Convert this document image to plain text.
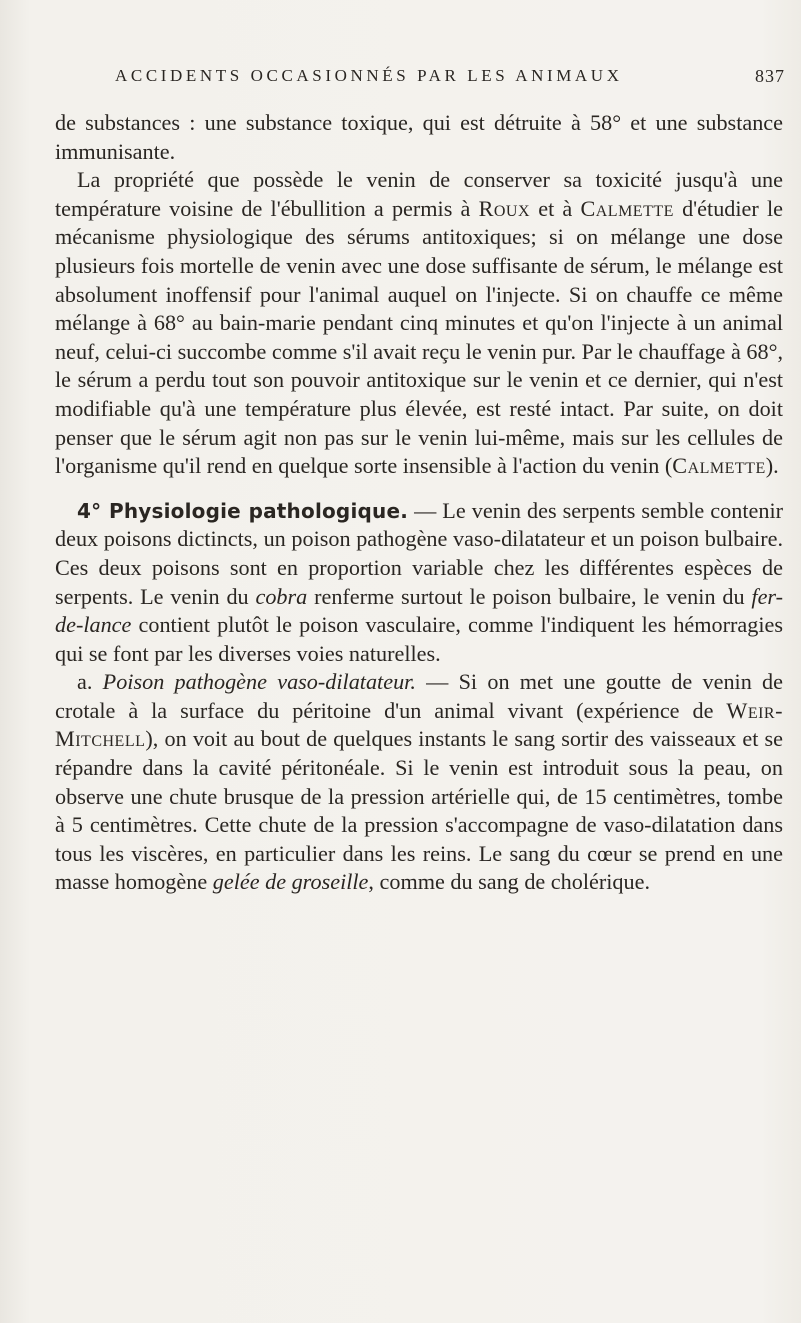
ACCIDENTS OCCASIONNÉS PAR LES ANIMAUX	837

de substances : une substance toxique, qui est détruite à 58° et une substance immunisante.

La propriété que possède le venin de conserver sa toxicité jusqu'à une température voisine de l'ébullition a permis à Roux et à Calmette d'étudier le mécanisme physiologique des sérums antitoxiques; si on mélange une dose plusieurs fois mortelle de venin avec une dose suffisante de sérum, le mélange est absolument inoffensif pour l'animal auquel on l'injecte. Si on chauffe ce même mélange à 68° au bain-marie pendant cinq minutes et qu'on l'injecte à un animal neuf, celui-ci succombe comme s'il avait reçu le venin pur. Par le chauffage à 68°, le sérum a perdu tout son pouvoir antitoxique sur le venin et ce dernier, qui n'est modifiable qu'à une température plus élevée, est resté intact. Par suite, on doit penser que le sérum agit non pas sur le venin lui-même, mais sur les cellules de l'organisme qu'il rend en quelque sorte insensible à l'action du venin (Calmette).

4° Physiologie pathologique. — Le venin des serpents semble contenir deux poisons dictincts, un poison pathogène vaso-dilatateur et un poison bulbaire. Ces deux poisons sont en proportion variable chez les différentes espèces de serpents. Le venin du cobra renferme surtout le poison bulbaire, le venin du fer-de-lance contient plutôt le poison vasculaire, comme l'indiquent les hémorragies qui se font par les diverses voies naturelles.

a. Poison pathogène vaso-dilatateur. — Si on met une goutte de venin de crotale à la surface du péritoine d'un animal vivant (expérience de Weir-Mitchell), on voit au bout de quelques instants le sang sortir des vaisseaux et se répandre dans la cavité péritonéale. Si le venin est introduit sous la peau, on observe une chute brusque de la pression artérielle qui, de 15 centimètres, tombe à 5 centimètres. Cette chute de la pression s'accompagne de vaso-dilatation dans tous les viscères, en particulier dans les reins. Le sang du cœur se prend en une masse homogène gelée de groseille, comme du sang de cholérique.
